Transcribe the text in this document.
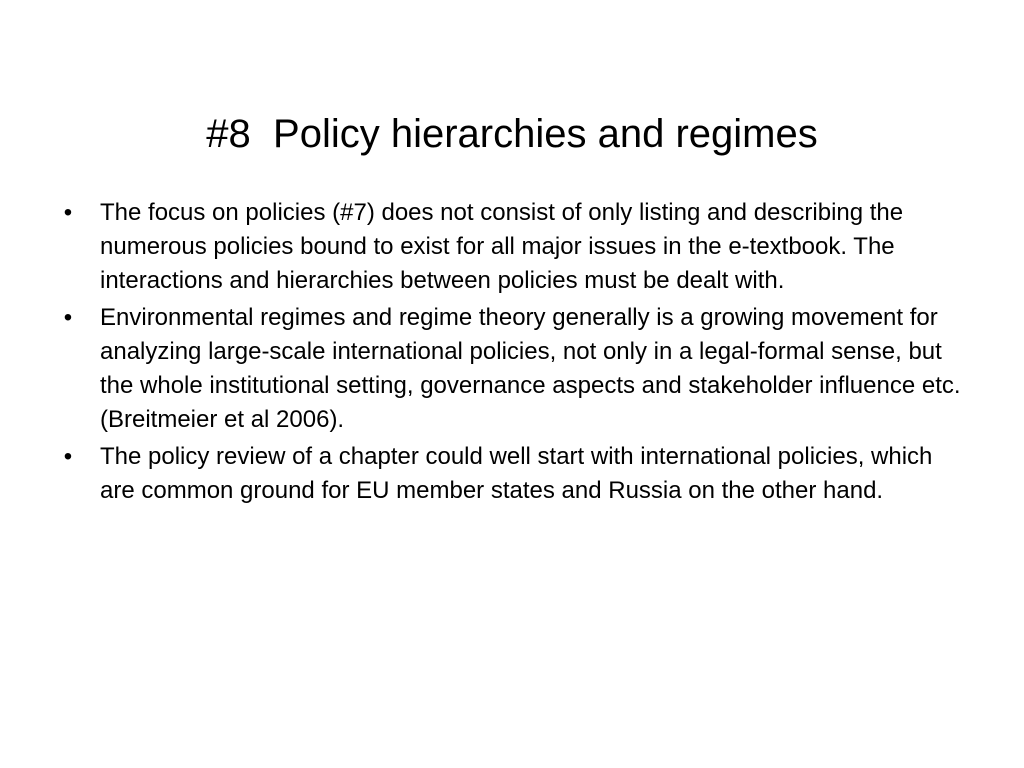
#8  Policy hierarchies and regimes
• The focus on policies (#7) does not consist of only listing and describing the numerous policies bound to exist for all major issues in the e-textbook. The interactions and hierarchies between policies must be dealt with.
• Environmental regimes and regime theory generally is a growing movement for analyzing large-scale international policies, not only in a legal-formal sense, but the whole institutional setting, governance aspects and stakeholder influence etc. (Breitmeier et al 2006).
• The policy review of a chapter could well start with international policies, which are common ground for EU member states and Russia on the other hand.
